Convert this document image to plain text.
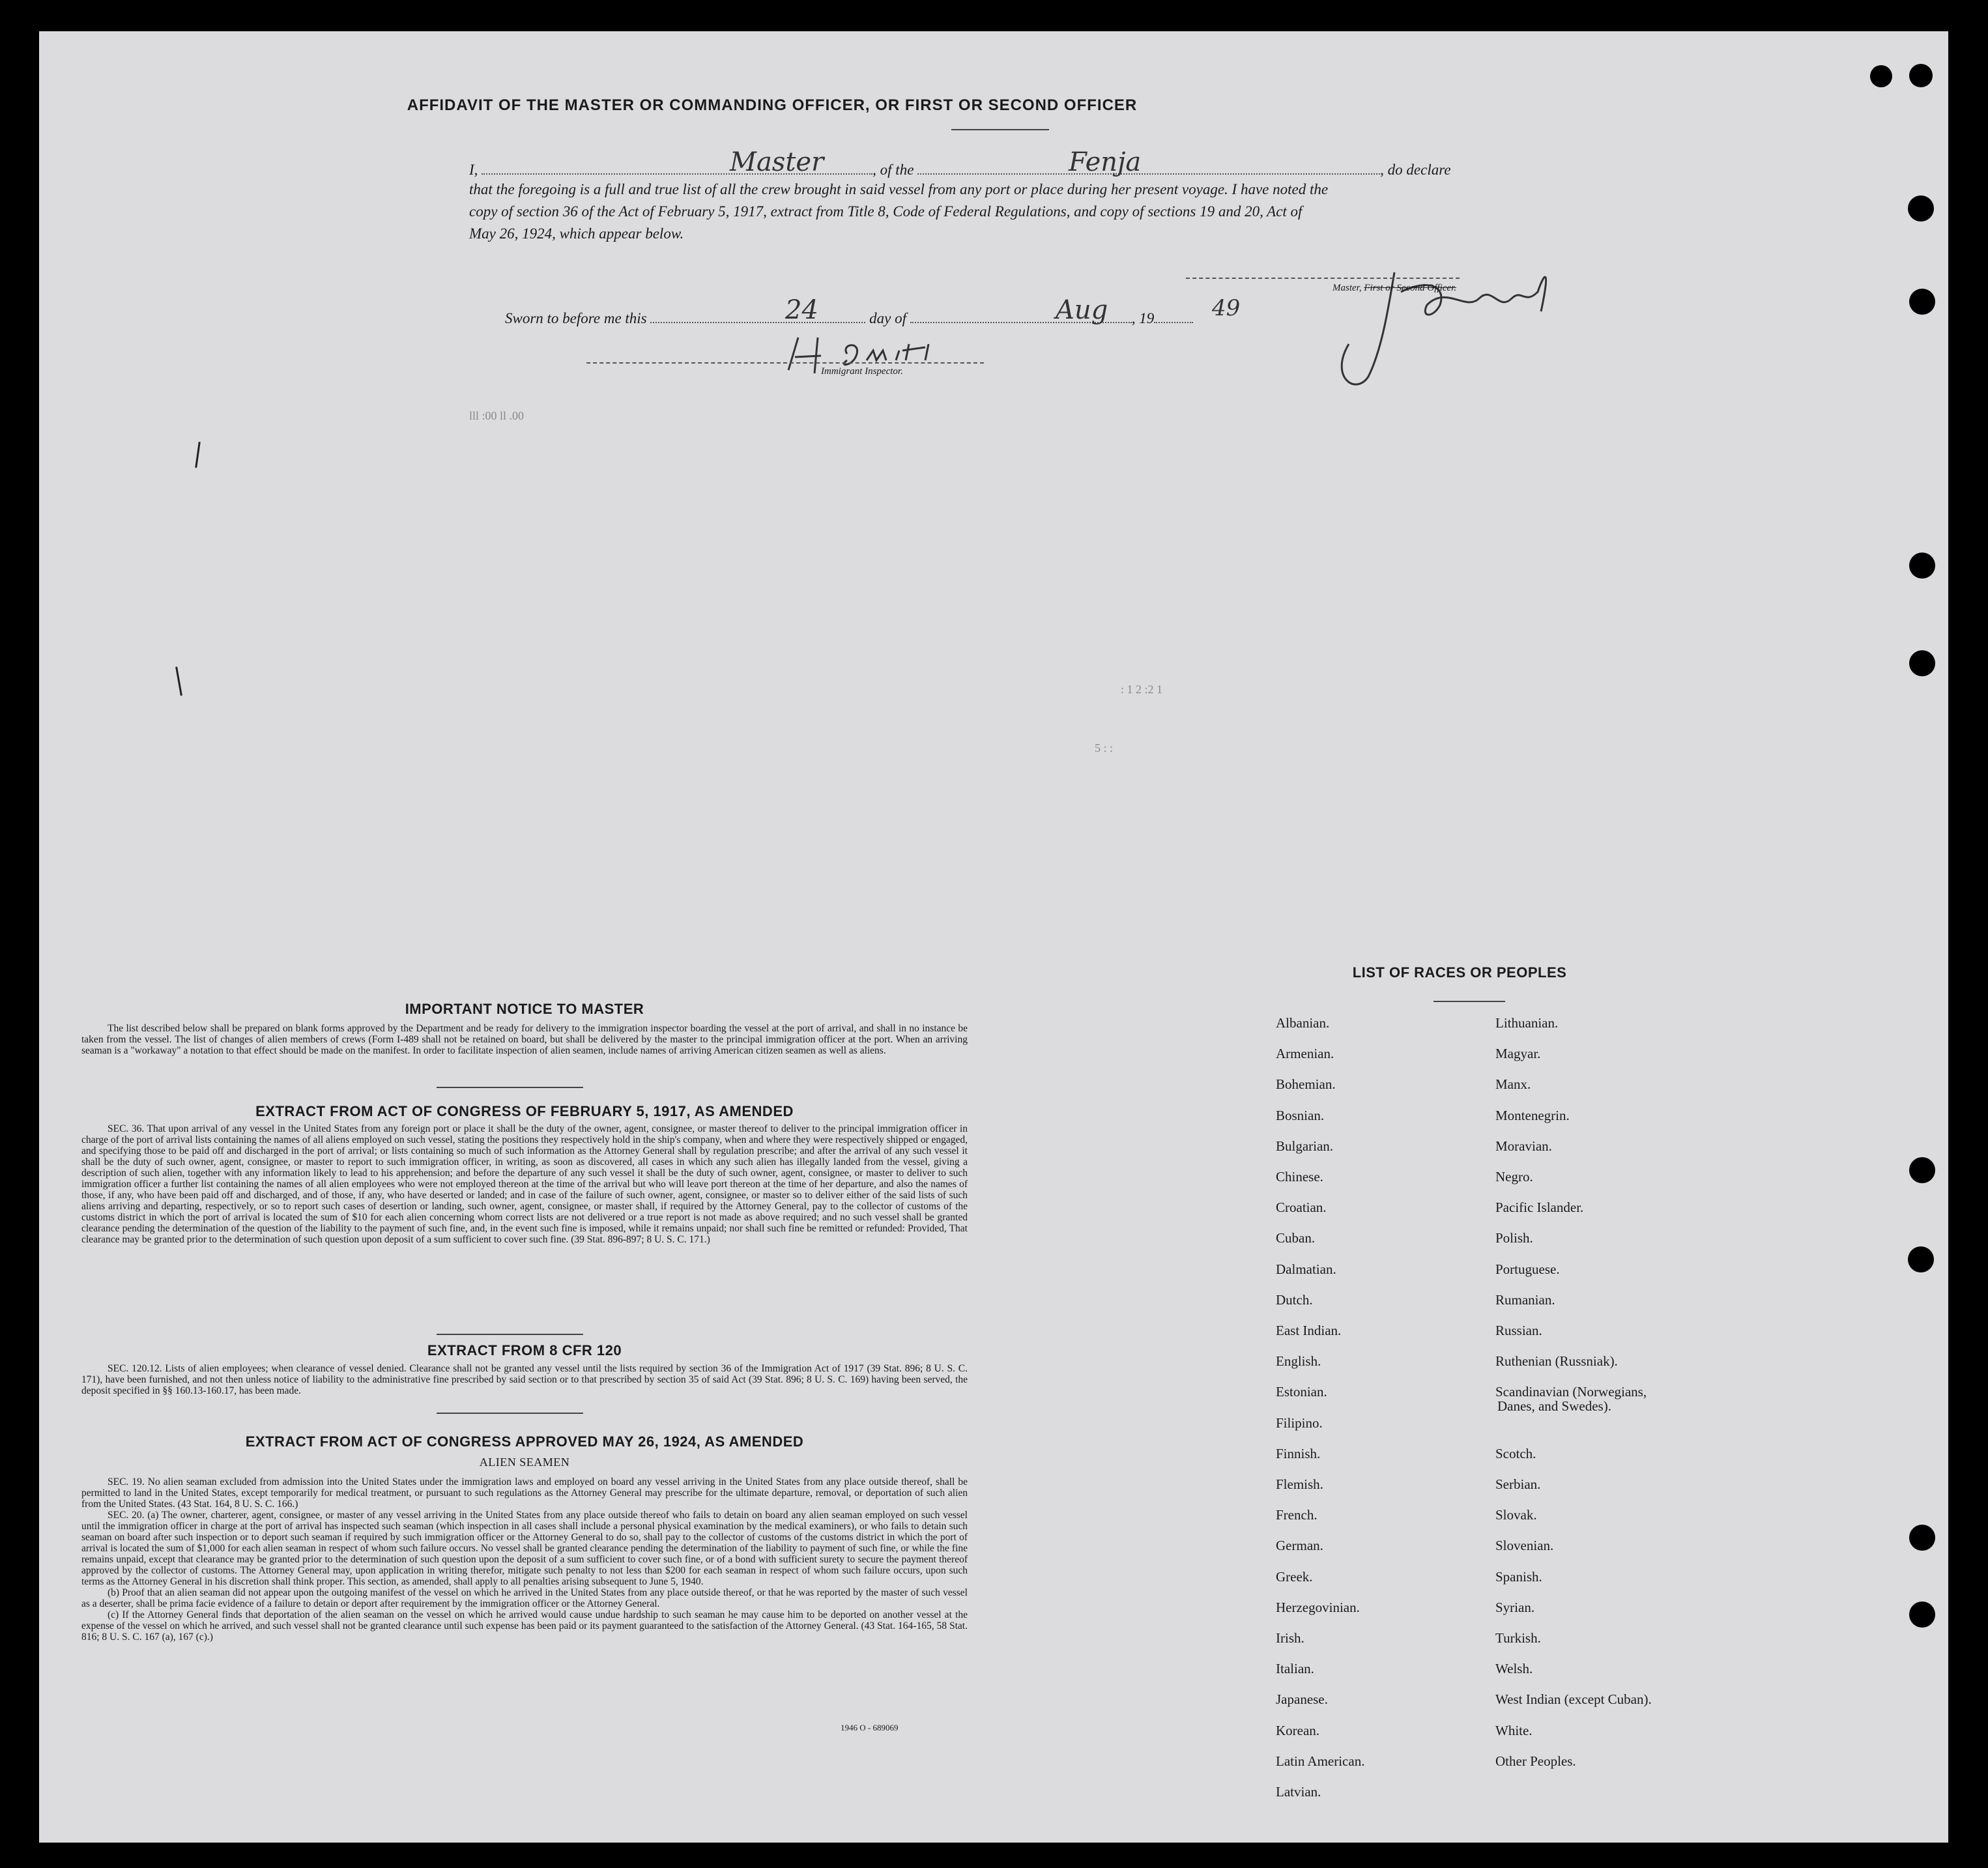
lll :00 ll .00
: 1 2 :2 1
5 : :
AFFIDAVIT OF THE MASTER OR COMMANDING OFFICER, OR FIRST OR SECOND OFFICER
I,	, of the	, do declare
Master	Fenja
that the foregoing is a full and true list of all the crew brought in said vessel from any port or place during her present voyage. I have noted the
copy of section 36 of the Act of February 5, 1917, extract from Title 8, Code of Federal Regulations, and copy of sections 19 and 20, Act of
May 26, 1924, which appear below.
Master, First or Second Officer.
Sworn to before me this	day of	, 19
24	Aug	49
Immigrant Inspector.
IMPORTANT NOTICE TO MASTER

The list described below shall be prepared on blank forms approved by the Department and be ready for delivery to the immigration inspector boarding the vessel at the port of arrival, and shall in no instance be taken from the vessel. The list of changes of alien members of crews (Form I-489 shall not be retained on board, but shall be delivered by the master to the principal immigration officer at the port. When an arriving seaman is a "workaway" a notation to that effect should be made on the manifest. In order to facilitate inspection of alien seamen, include names of arriving American citizen seamen as well as aliens.

EXTRACT FROM ACT OF CONGRESS OF FEBRUARY 5, 1917, AS AMENDED

SEC. 36. That upon arrival of any vessel in the United States from any foreign port or place it shall be the duty of the owner, agent, consignee, or master thereof to deliver to the principal immigration officer in charge of the port of arrival lists containing the names of all aliens employed on such vessel, stating the positions they respectively hold in the ship's company, when and where they were respectively shipped or engaged, and specifying those to be paid off and discharged in the port of arrival; or lists containing so much of such information as the Attorney General shall by regulation prescribe; and after the arrival of any such vessel it shall be the duty of such owner, agent, consignee, or master to report to such immigration officer, in writing, as soon as discovered, all cases in which any such alien has illegally landed from the vessel, giving a description of such alien, together with any information likely to lead to his apprehension; and before the departure of any such vessel it shall be the duty of such owner, agent, consignee, or master to deliver to such immigration officer a further list containing the names of all alien employees who were not employed thereon at the time of the arrival but who will leave port thereon at the time of her departure, and also the names of those, if any, who have been paid off and discharged, and of those, if any, who have deserted or landed; and in case of the failure of such owner, agent, consignee, or master so to deliver either of the said lists of such aliens arriving and departing, respectively, or so to report such cases of desertion or landing, such owner, agent, consignee, or master shall, if required by the Attorney General, pay to the collector of customs of the customs district in which the port of arrival is located the sum of $10 for each alien concerning whom correct lists are not delivered or a true report is not made as above required; and no such vessel shall be granted clearance pending the determination of the question of the liability to the payment of such fine, and, in the event such fine is imposed, while it remains unpaid; nor shall such fine be remitted or refunded: Provided, That clearance may be granted prior to the determination of such question upon deposit of a sum sufficient to cover such fine. (39 Stat. 896-897; 8 U. S. C. 171.)

EXTRACT FROM 8 CFR 120

SEC. 120.12. Lists of alien employees; when clearance of vessel denied. Clearance shall not be granted any vessel until the lists required by section 36 of the Immigration Act of 1917 (39 Stat. 896; 8 U. S. C. 171), have been furnished, and not then unless notice of liability to the administrative fine prescribed by said section or to that prescribed by section 35 of said Act (39 Stat. 896; 8 U. S. C. 169) having been served, the deposit specified in §§ 160.13-160.17, has been made.

EXTRACT FROM ACT OF CONGRESS APPROVED MAY 26, 1924, AS AMENDED
ALIEN SEAMEN

SEC. 19. No alien seaman excluded from admission into the United States under the immigration laws and employed on board any vessel arriving in the United States from any place outside thereof, shall be permitted to land in the United States, except temporarily for medical treatment, or pursuant to such regulations as the Attorney General may prescribe for the ultimate departure, removal, or deportation of such alien from the United States. (43 Stat. 164, 8 U. S. C. 166.)

SEC. 20. (a) The owner, charterer, agent, consignee, or master of any vessel arriving in the United States from any place outside thereof who fails to detain on board any alien seaman employed on such vessel until the immigration officer in charge at the port of arrival has inspected such seaman (which inspection in all cases shall include a personal physical examination by the medical examiners), or who fails to detain such seaman on board after such inspection or to deport such seaman if required by such immigration officer or the Attorney General to do so, shall pay to the collector of customs of the customs district in which the port of arrival is located the sum of $1,000 for each alien seaman in respect of whom such failure occurs. No vessel shall be granted clearance pending the determination of the liability to payment of such fine, or while the fine remains unpaid, except that clearance may be granted prior to the determination of such question upon the deposit of a sum sufficient to cover such fine, or of a bond with sufficient surety to secure the payment thereof approved by the collector of customs. The Attorney General may, upon application in writing therefor, mitigate such penalty to not less than $200 for each seaman in respect of whom such failure occurs, upon such terms as the Attorney General in his discretion shall think proper. This section, as amended, shall apply to all penalties arising subsequent to June 5, 1940.

(b) Proof that an alien seaman did not appear upon the outgoing manifest of the vessel on which he arrived in the United States from any place outside thereof, or that he was reported by the master of such vessel as a deserter, shall be prima facie evidence of a failure to detain or deport after requirement by the immigration officer or the Attorney General.

(c) If the Attorney General finds that deportation of the alien seaman on the vessel on which he arrived would cause undue hardship to such seaman he may cause him to be deported on another vessel at the expense of the vessel on which he arrived, and such vessel shall not be granted clearance until such expense has been paid or its payment guaranteed to the satisfaction of the Attorney General. (43 Stat. 164-165, 58 Stat. 816; 8 U. S. C. 167 (a), 167 (c).)

1946 O - 689069
LIST OF RACES OR PEOPLES
Albanian.
Armenian.
Bohemian.
Bosnian.
Bulgarian.
Chinese.
Croatian.
Cuban.
Dalmatian.
Dutch.
East Indian.
English.
Estonian.
Filipino.
Finnish.
Flemish.
French.
German.
Greek.
Herzegovinian.
Irish.
Italian.
Japanese.
Korean.
Latin American.
Latvian.
Lithuanian.
Magyar.
Manx.
Montenegrin.
Moravian.
Negro.
Pacific Islander.
Polish.
Portuguese.
Rumanian.
Russian.
Ruthenian (Russniak).
Scandinavian (Norwegians,
Danes, and Swedes).
Scotch.
Serbian.
Slovak.
Slovenian.
Spanish.
Syrian.
Turkish.
Welsh.
West Indian (except Cuban).
White.
Other Peoples.
